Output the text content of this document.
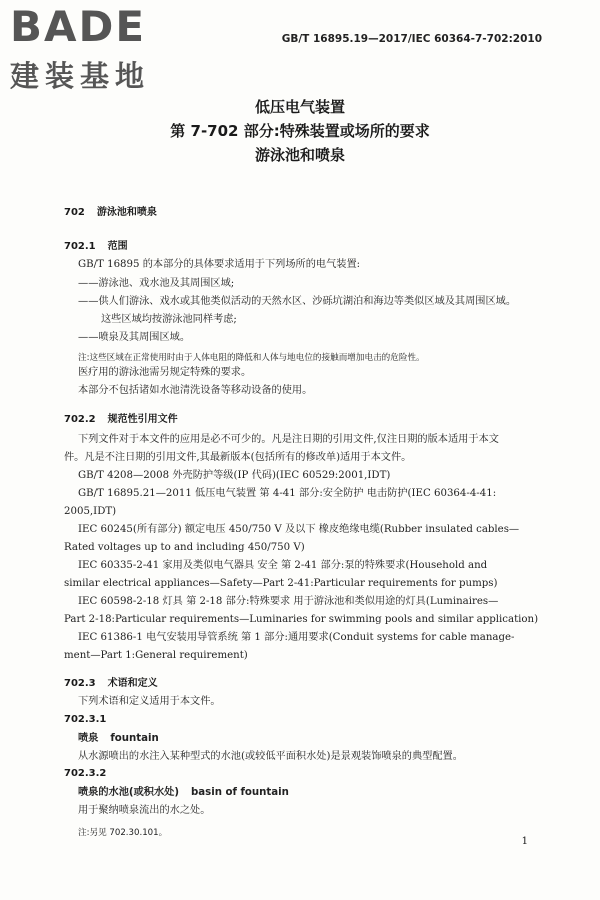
BADE
建装基地
GB/T 16895.19—2017/IEC 60364-7-702:2010
低压电气装置
第 7-702 部分:特殊装置或场所的要求
游泳池和喷泉
702 游泳池和喷泉
702.1 范围
GB/T 16895 的本部分的具体要求适用于下列场所的电气装置:
——游泳池、戏水池及其周围区域;
——供人们游泳、戏水或其他类似活动的天然水区、沙砾坑湖泊和海边等类似区域及其周围区域。
这些区域均按游泳池同样考虑;
——喷泉及其周围区域。
注:这些区域在正常使用时由于人体电阻的降低和人体与地电位的接触而增加电击的危险性。
医疗用的游泳池需另规定特殊的要求。
本部分不包括诸如水池清洗设备等移动设备的使用。
702.2 规范性引用文件
下列文件对于本文件的应用是必不可少的。凡是注日期的引用文件,仅注日期的版本适用于本文
件。凡是不注日期的引用文件,其最新版本(包括所有的修改单)适用于本文件。
GB/T 4208—2008 外壳防护等级(IP 代码)(IEC 60529:2001,IDT)
GB/T 16895.21—2011 低压电气装置 第 4-41 部分:安全防护 电击防护(IEC 60364-4-41:
2005,IDT)
IEC 60245(所有部分) 额定电压 450/750 V 及以下 橡皮绝缘电缆(Rubber insulated cables—
Rated voltages up to and including 450/750 V)
IEC 60335-2-41 家用及类似电气器具 安全 第 2-41 部分:泵的特殊要求(Household and
similar electrical appliances—Safety—Part 2-41:Particular requirements for pumps)
IEC 60598-2-18 灯具 第 2-18 部分:特殊要求 用于游泳池和类似用途的灯具(Luminaires—
Part 2-18:Particular requirements—Luminaries for swimming pools and similar application)
IEC 61386-1 电气安装用导管系统 第 1 部分:通用要求(Conduit systems for cable manage-
ment—Part 1:General requirement)
702.3 术语和定义
下列术语和定义适用于本文件。
702.3.1
喷泉 fountain
从水源喷出的水注入某种型式的水池(或较低平面积水处)是景观装饰喷泉的典型配置。
702.3.2
喷泉的水池(或积水处) basin of fountain
用于聚纳喷泉流出的水之处。
注:另见 702.30.101。
1
